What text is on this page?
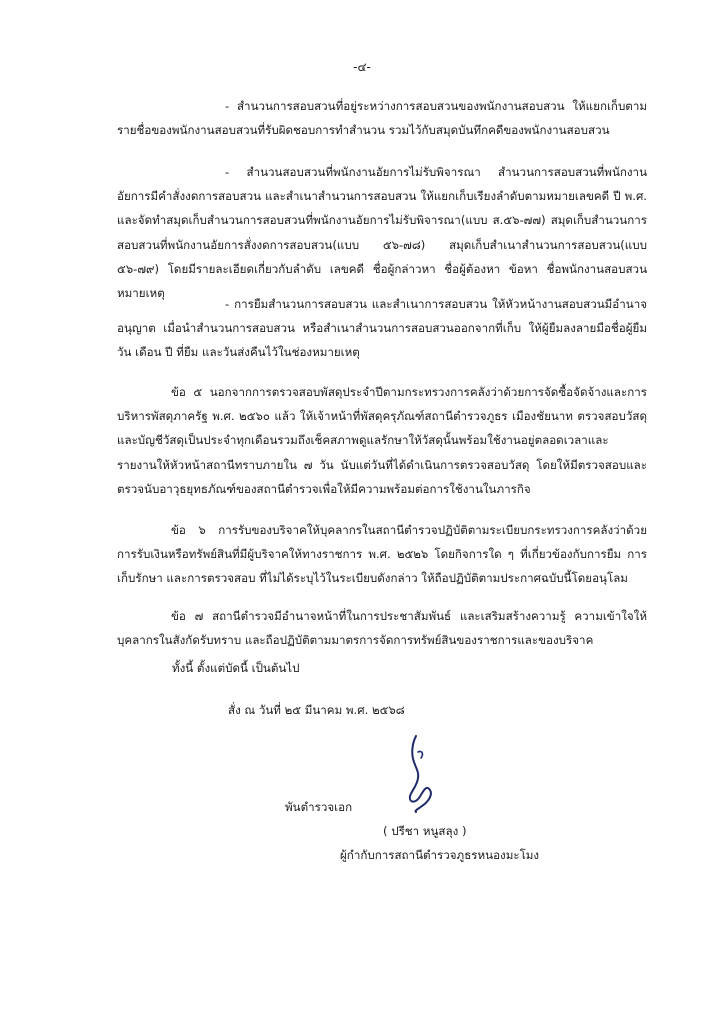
-๔-

- สำนวนการสอบสวนที่อยู่ระหว่างการสอบสวนของพนักงานสอบสวน ให้แยกเก็บตามรายชื่อของพนักงานสอบสวนที่รับผิดชอบการทำสำนวน รวมไว้กับสมุดบันทึกคดีของพนักงานสอบสวน

- สำนวนสอบสวนที่พนักงานอัยการไม่รับพิจารณา สำนวนการสอบสวนที่พนักงานอัยการมีคำสั่งงดการสอบสวน และสำเนาสำนวนการสอบสวน ให้แยกเก็บเรียงลำดับตามหมายเลขคดี ปี พ.ศ. และจัดทำสมุดเก็บสำนวนการสอบสวนที่พนักงานอัยการไม่รับพิจารณา(แบบ ส.๕๖-๗๗) สมุดเก็บสำนวนการสอบสวนที่พนักงานอัยการสั่งงดการสอบสวน(แบบ ๕๖-๗๘) สมุดเก็บสำเนาสำนวนการสอบสวน(แบบ ๕๖-๗๙) โดยมีรายละเอียดเกี่ยวกับลำดับ เลขคดี ชื่อผู้กล่าวหา ชื่อผู้ต้องหา ข้อหา ชื่อพนักงานสอบสวน หมายเหตุ

- การยืมสำนวนการสอบสวน และสำเนาการสอบสวน ให้หัวหน้างานสอบสวนมีอำนาจอนุญาต เมื่อนำสำนวนการสอบสวน หรือสำเนาสำนวนการสอบสวนออกจากที่เก็บ ให้ผู้ยืมลงลายมือชื่อผู้ยืม วัน เดือน ปี ที่ยืม และวันส่งคืนไว้ในช่องหมายเหตุ

ข้อ ๕ นอกจากการตรวจสอบพัสดุประจำปีตามกระทรวงการคลังว่าด้วยการจัดซื้อจัดจ้างและการบริหารพัสดุภาครัฐ พ.ศ. ๒๕๖๐ แล้ว ให้เจ้าหน้าที่พัสดุครุภัณฑ์สถานีตำรวจภูธร เมืองชัยนาท ตรวจสอบวัสดุ และบัญชีวัสดุเป็นประจำทุกเดือนรวมถึงเช็คสภาพดูแลรักษาให้วัสดุนั้นพร้อมใช้งานอยู่ตลอดเวลาและรายงานให้หัวหน้าสถานีทราบภายใน ๗ วัน นับแต่วันที่ได้ดำเนินการตรวจสอบวัสดุ โดยให้มีตรวจสอบและตรวจนับอาวุธยุทธภัณฑ์ของสถานีตำรวจเพื่อให้มีความพร้อมต่อการใช้งานในภารกิจ

ข้อ ๖ การรับของบริจาคให้บุคลากรในสถานีตำรวจปฏิบัติตามระเบียบกระทรวงการคลังว่าด้วยการรับเงินหรือทรัพย์สินที่มีผู้บริจาคให้ทางราชการ พ.ศ. ๒๕๒๖ โดยกิจการใด ๆ ที่เกี่ยวข้องกับการยืม การเก็บรักษา และการตรวจสอบ ที่ไม่ได้ระบุไว้ในระเบียบดังกล่าว ให้ถือปฏิบัติตามประกาศฉบับนี้โดยอนุโลม

ข้อ ๗ สถานีตำรวจมีอำนาจหน้าที่ในการประชาสัมพันธ์ และเสริมสร้างความรู้ ความเข้าใจให้บุคลากรในสังกัดรับทราบ และถือปฏิบัติตามมาตรการจัดการทรัพย์สินของราชการและของบริจาค

ทั้งนี้ ตั้งแต่บัดนี้ เป็นต้นไป

สั่ง ณ วันที่ ๒๕ มีนาคม พ.ศ. ๒๕๖๘

พันตำรวจเอก
( ปรีชา หนูสลุง )
ผู้กำกับการสถานีตำรวจภูธรหนองมะโมง
